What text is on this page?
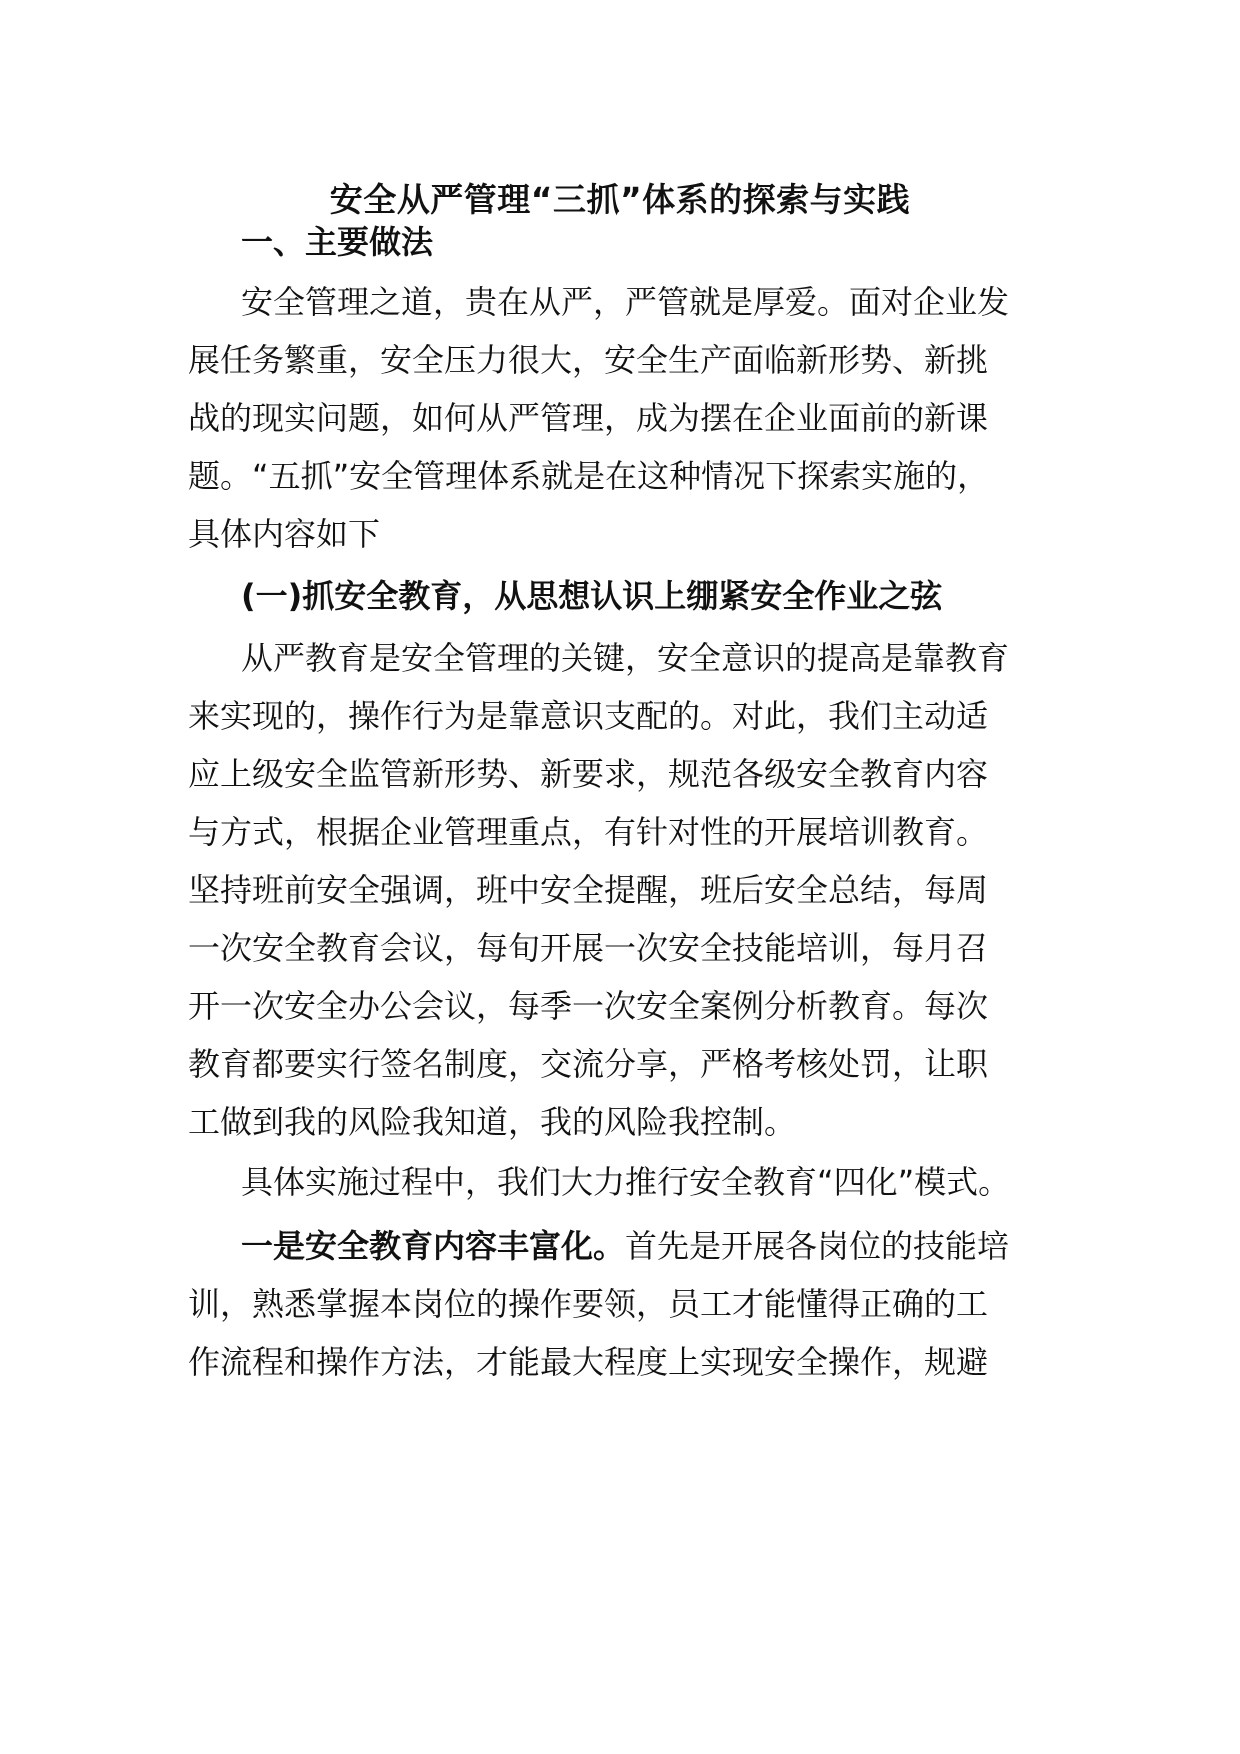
安全从严管理“三抓”体系的探索与实践
一、主要做法
安全管理之道，贵在从严，严管就是厚爱。面对企业发
展任务繁重，安全压力很大，安全生产面临新形势、新挑
战的现实问题，如何从严管理，成为摆在企业面前的新课
题。“五抓”安全管理体系就是在这种情况下探索实施的，
具体内容如下
(一)抓安全教育，从思想认识上绷紧安全作业之弦
从严教育是安全管理的关键，安全意识的提高是靠教育
来实现的，操作行为是靠意识支配的。对此，我们主动适
应上级安全监管新形势、新要求，规范各级安全教育内容
与方式，根据企业管理重点，有针对性的开展培训教育。
坚持班前安全强调，班中安全提醒，班后安全总结，每周
一次安全教育会议，每旬开展一次安全技能培训，每月召
开一次安全办公会议，每季一次安全案例分析教育。每次
教育都要实行签名制度，交流分享，严格考核处罚，让职
工做到我的风险我知道，我的风险我控制。
具体实施过程中，我们大力推行安全教育“四化”模式。
一是安全教育内容丰富化。首先是开展各岗位的技能培
训，熟悉掌握本岗位的操作要领，员工才能懂得正确的工
作流程和操作方法，才能最大程度上实现安全操作，规避
